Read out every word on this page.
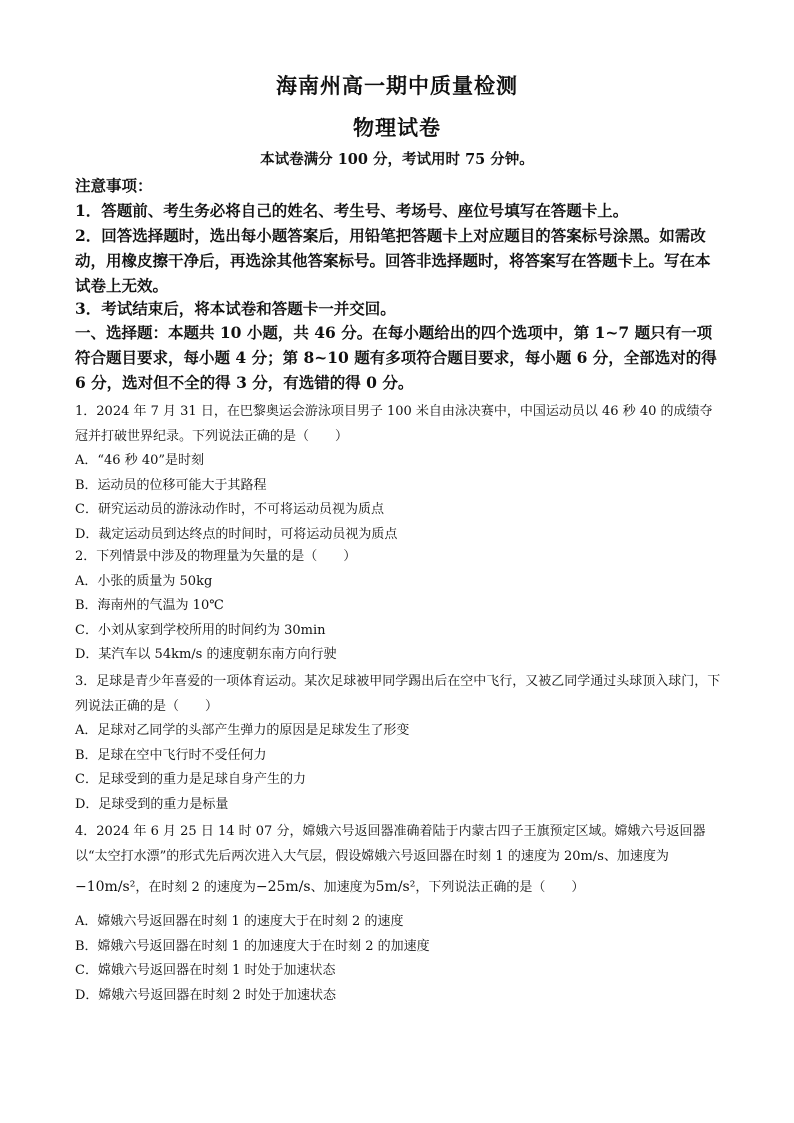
海南州高一期中质量检测
物理试卷
本试卷满分 100 分，考试用时 75 分钟。
注意事项：
1．答题前、考生务必将自己的姓名、考生号、考场号、座位号填写在答题卡上。
2．回答选择题时，选出每小题答案后，用铅笔把答题卡上对应题目的答案标号涂黑。如需改动，用橡皮擦干净后，再选涂其他答案标号。回答非选择题时，将答案写在答题卡上。写在本试卷上无效。
3．考试结束后，将本试卷和答题卡一并交回。
一、选择题：本题共 10 小题，共 46 分。在每小题给出的四个选项中，第 1~7 题只有一项符合题目要求，每小题 4 分；第 8~10 题有多项符合题目要求，每小题 6 分，全部选对的得 6 分，选对但不全的得 3 分，有选错的得 0 分。

1．2024 年 7 月 31 日，在巴黎奥运会游泳项目男子 100 米自由泳决赛中，中国运动员以 46 秒 40 的成绩夺冠并打破世界纪录。下列说法正确的是（　　）

A．“46 秒 40”是时刻
B．运动员的位移可能大于其路程
C．研究运动员的游泳动作时，不可将运动员视为质点
D．裁定运动员到达终点的时间时，可将运动员视为质点

2．下列情景中涉及的物理量为矢量的是（　　）

A．小张的质量为 50kg
B．海南州的气温为 10℃
C．小刘从家到学校所用的时间约为 30min
D．某汽车以 54km/s 的速度朝东南方向行驶

3．足球是青少年喜爱的一项体育运动。某次足球被甲同学踢出后在空中飞行，又被乙同学通过头球顶入球门，下列说法正确的是（　　）

A．足球对乙同学的头部产生弹力的原因是足球发生了形变
B．足球在空中飞行时不受任何力
C．足球受到的重力是足球自身产生的力
D．足球受到的重力是标量

4．2024 年 6 月 25 日 14 时 07 分，嫦娥六号返回器准确着陆于内蒙古四子王旗预定区域。嫦娥六号返回器以“太空打水漂”的形式先后两次进入大气层，假设嫦娥六号返回器在时刻 1 的速度为 20m/s、加速度为

−10m/s²，在时刻 2 的速度为−25m/s、加速度为5m/s²，下列说法正确的是（　　）

A．嫦娥六号返回器在时刻 1 的速度大于在时刻 2 的速度
B．嫦娥六号返回器在时刻 1 的加速度大于在时刻 2 的加速度
C．嫦娥六号返回器在时刻 1 时处于加速状态
D．嫦娥六号返回器在时刻 2 时处于加速状态
